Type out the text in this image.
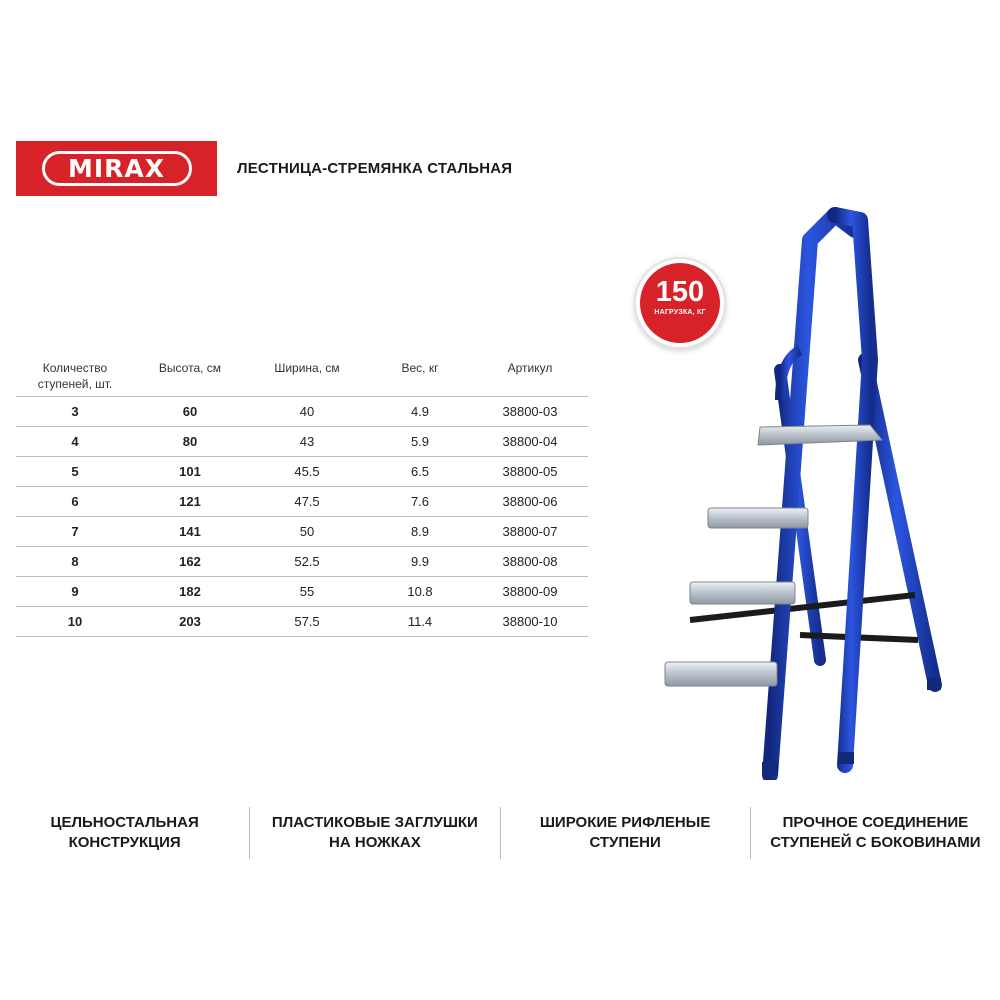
MIRAX	ЛЕСТНИЦА-СТРЕМЯНКА СТАЛЬНАЯ
Количество
ступеней, шт.	Высота, см	Ширина, см	Вес, кг	Артикул
3	60	40	4.9	38800-03
4	80	43	5.9	38800-04
5	101	45.5	6.5	38800-05
6	121	47.5	7.6	38800-06
7	141	50	8.9	38800-07
8	162	52.5	9.9	38800-08
9	182	55	10.8	38800-09
10	203	57.5	11.4	38800-10
150
НАГРУЗКА, КГ
ЦЕЛЬНОСТАЛЬНАЯ
КОНСТРУКЦИЯ
ПЛАСТИКОВЫЕ ЗАГЛУШКИ
НА НОЖКАХ
ШИРОКИЕ РИФЛЕНЫЕ
СТУПЕНИ
ПРОЧНОЕ СОЕДИНЕНИЕ
СТУПЕНЕЙ С БОКОВИНАМИ
